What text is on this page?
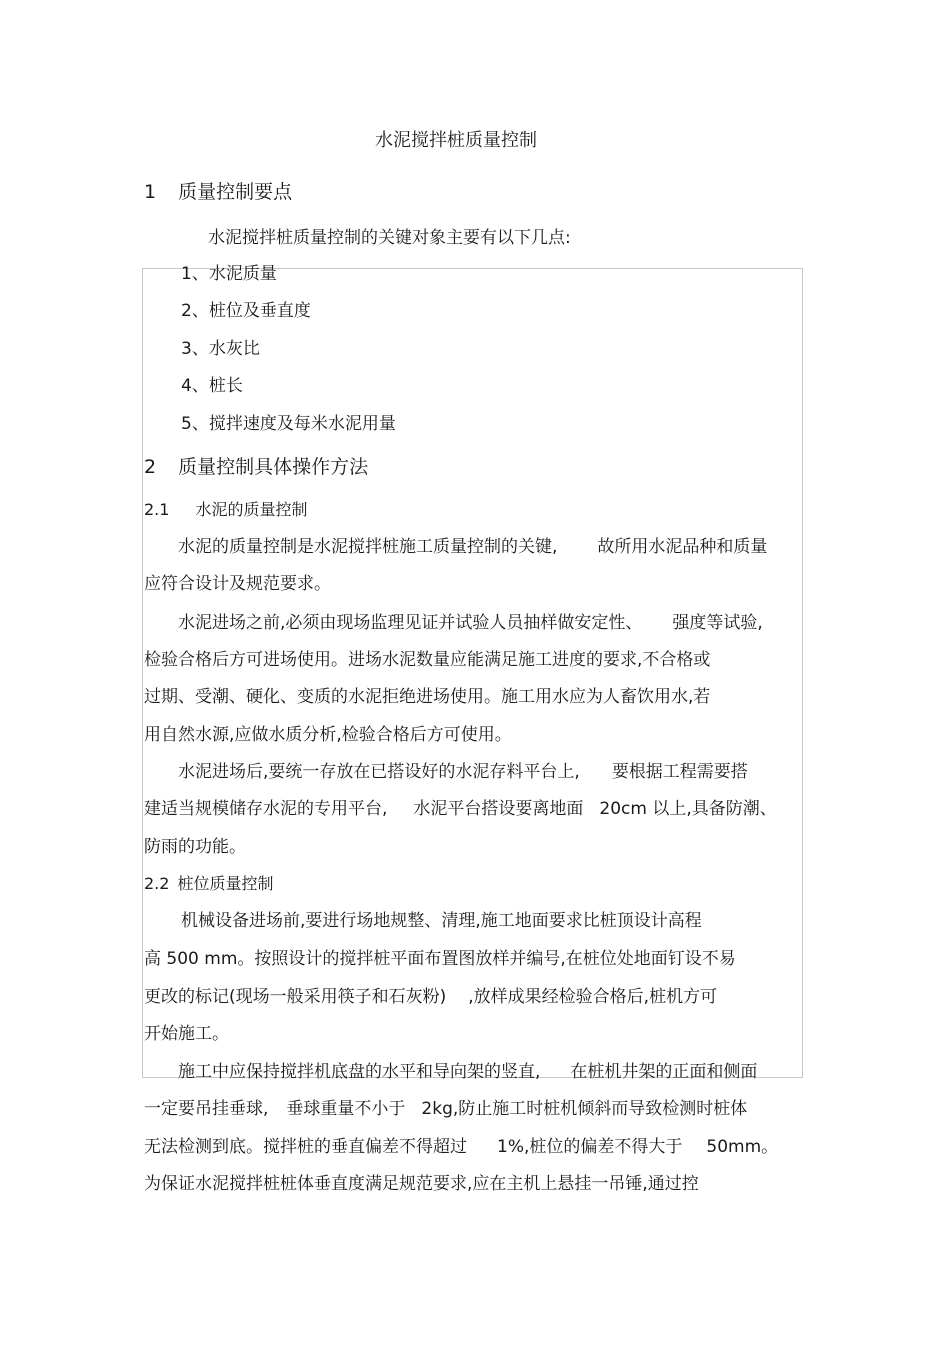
水泥搅拌桩质量控制
1 质量控制要点
水泥搅拌桩质量控制的关键对象主要有以下几点:
1、水泥质量
2、桩位及垂直度
3、水灰比
4、桩长
5、搅拌速度及每米水泥用量
2 质量控制具体操作方法
2.1 水泥的质量控制
水泥的质量控制是水泥搅拌桩施工质量控制的关键, 故所用水泥品种和质量
应符合设计及规范要求。
水泥进场之前,必须由现场监理见证并试验人员抽样做安定性、 强度等试验,
检验合格后方可进场使用。进场水泥数量应能满足施工进度的要求,不合格或
过期、受潮、硬化、变质的水泥拒绝进场使用。施工用水应为人畜饮用水,若
用自然水源,应做水质分析,检验合格后方可使用。
水泥进场后,要统一存放在已搭设好的水泥存料平台上, 要根据工程需要搭
建适当规模储存水泥的专用平台, 水泥平台搭设要离地面 20cm 以上,具备防潮、
防雨的功能。
2.2 桩位质量控制
机械设备进场前,要进行场地规整、清理,施工地面要求比桩顶设计高程
高 500 mm。按照设计的搅拌桩平面布置图放样并编号,在桩位处地面钉设不易
更改的标记(现场一般采用筷子和石灰粉) ,放样成果经检验合格后,桩机方可
开始施工。
施工中应保持搅拌机底盘的水平和导向架的竖直, 在桩机井架的正面和侧面
一定要吊挂垂球, 垂球重量不小于 2kg,防止施工时桩机倾斜而导致检测时桩体
无法检测到底。搅拌桩的垂直偏差不得超过 1%,桩位的偏差不得大于 50mm。
为保证水泥搅拌桩桩体垂直度满足规范要求,应在主机上悬挂一吊锤,通过控
